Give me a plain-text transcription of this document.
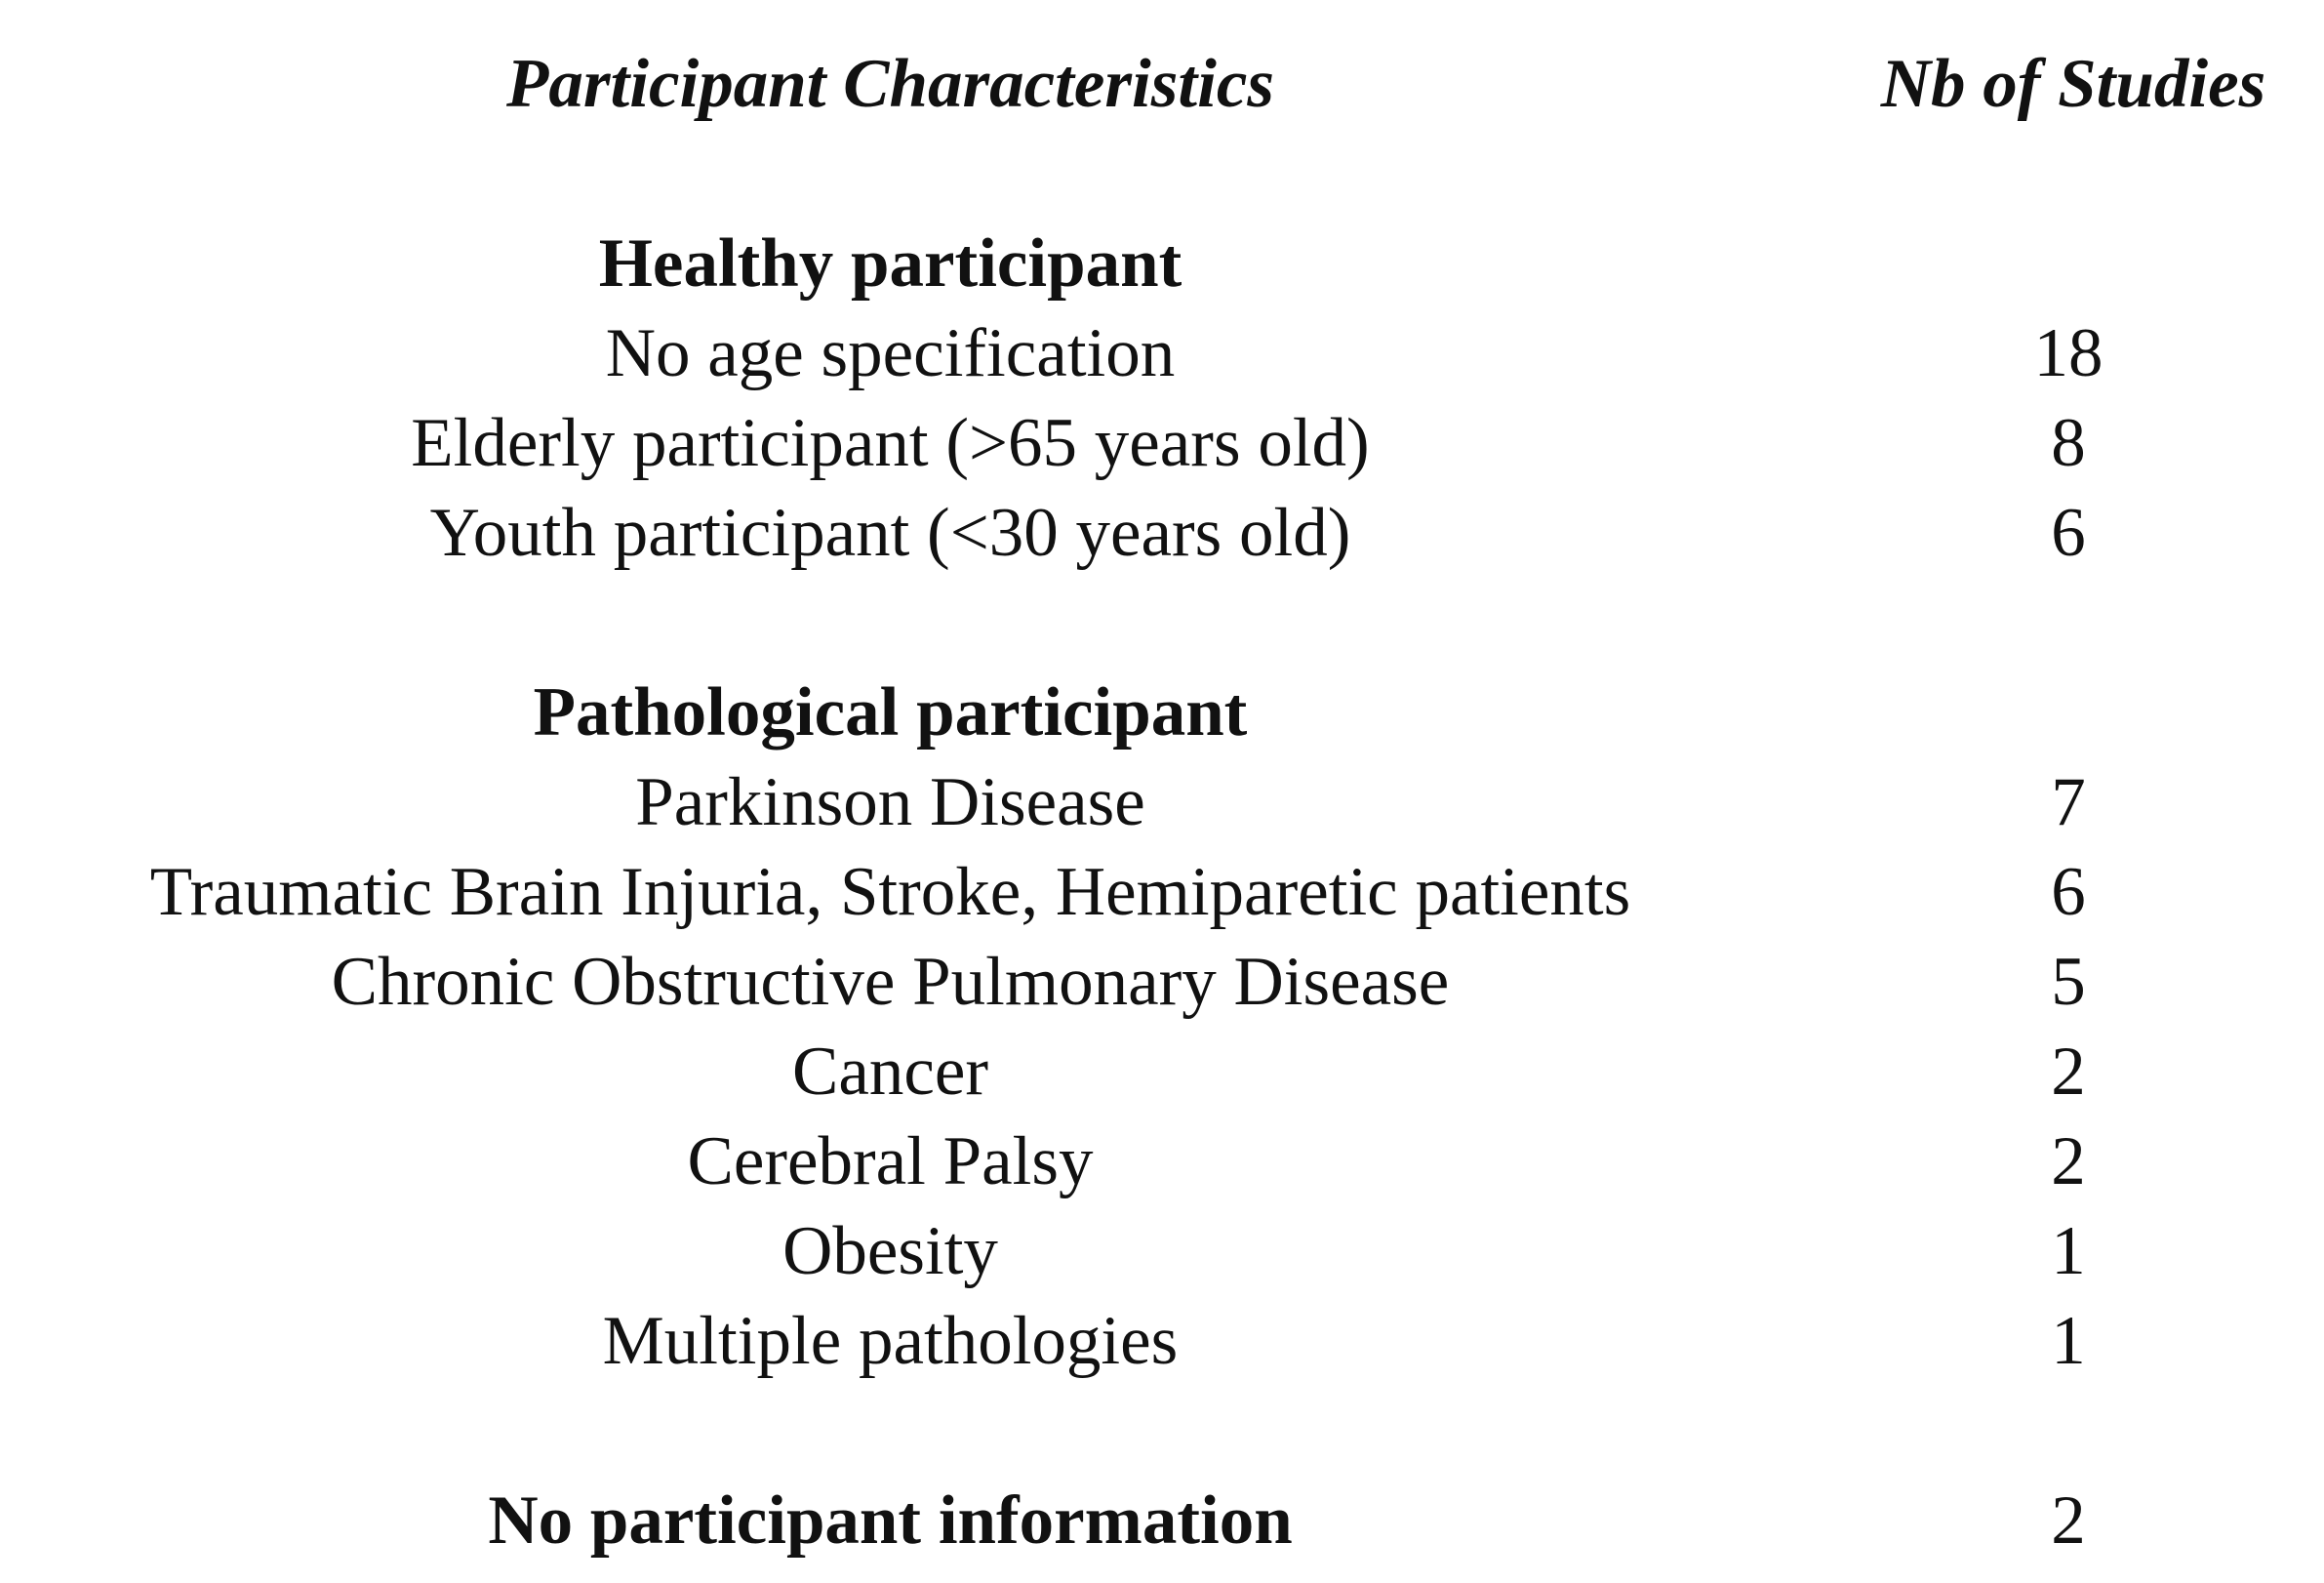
Participant Characteristics	Nb of Studies
Healthy participant
No age specification	18
Elderly participant (>65 years old)	8
Youth participant (<30 years old)	6
Pathological participant
Parkinson Disease	7
Traumatic Brain Injuria, Stroke, Hemiparetic patients	6
Chronic Obstructive Pulmonary Disease	5
Cancer	2
Cerebral Palsy	2
Obesity	1
Multiple pathologies	1
No participant information	2
